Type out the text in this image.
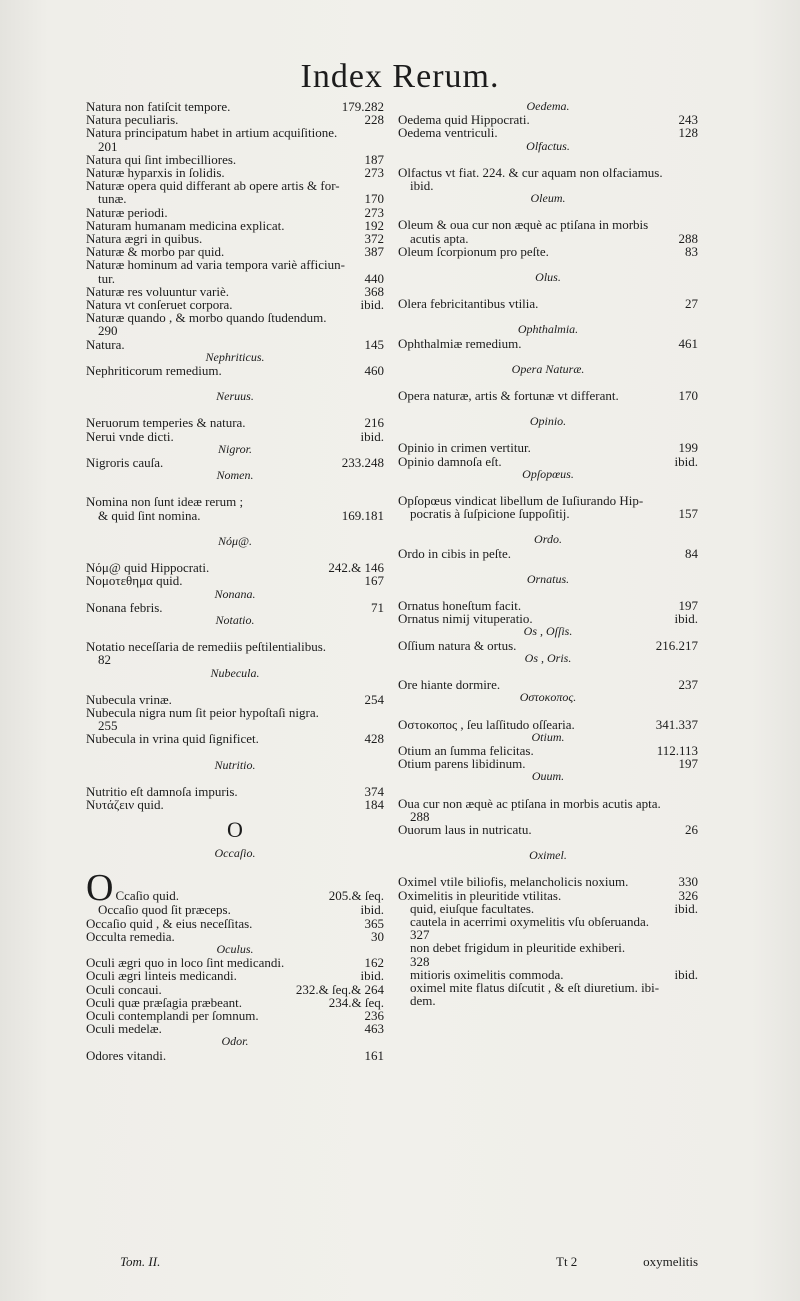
Index Rerum.
Natura non fatiſcit tempore.	179.282
Natura peculiaris.	228
Natura principatum habet in artium acquiſitione.
201
Natura qui ſint imbecilliores.	187
Naturæ hyparxis in ſolidis.	273
Naturæ opera quid differant ab opere artis & for-
tunæ.	170
Naturæ periodi.	273
Naturam humanam medicina explicat.	192
Natura ægri in quibus.	372
Naturæ & morbo par quid.	387
Naturæ hominum ad varia tempora variè afficiun-
tur.	440
Naturæ res voluuntur variè.	368
Natura vt conſeruet corpora.	ibid.
Naturæ quando , & morbo quando ſtudendum.
290
Natura.	145
Nephriticus.
Nephriticorum remedium.	460
Neruus.
Neruorum temperies & natura.	216
Nerui vnde dicti.	ibid.
Nigror.
Nigroris cauſa.	233.248
Nomen.
Nomina non ſunt ideæ rerum ;
& quid ſint nomina.	169.181
Νόμ@.
Νόμ@ quid Hippocrati.	242.& 146
Νομοτεθημα quid.	167
Nonana.
Nonana febris.	71
Notatio.
Notatio neceſſaria de remediis peſtilentialibus.
82
Nubecula.
Nubecula vrinæ.	254
Nubecula nigra num ſit peior hypoſtaſi nigra.
255
Nubecula in vrina quid ſignificet.	428
Nutritio.
Nutritio eſt damnoſa impuris.	374
Νυτάζειν quid.	184
O
Occaſio.
O Ccaſio quid.	205.& ſeq.
Occaſio quod ſit præceps.	ibid.
Occaſio quid , & eius neceſſitas.	365
Occulta remedia.	30
Oculus.
Oculi ægri quo in loco ſint medicandi.	162
Oculi ægri linteis medicandi.	ibid.
Oculi concaui.	232.& ſeq.& 264
Oculi quæ præſagia præbeant.	234.& ſeq.
Oculi contemplandi per ſomnum.	236
Oculi medelæ.	463
Odor.
Odores vitandi.	161
Oedema.
Oedema quid Hippocrati.	243
Oedema ventriculi.	128
Olfactus.
Olfactus vt fiat. 224. & cur aquam non olfaciamus.
ibid.
Oleum.
Oleum & oua cur non æquè ac ptiſana in morbis
acutis apta.	288
Oleum ſcorpionum pro peſte.	83
Olus.
Olera febricitantibus vtilia.	27
Ophthalmia.
Ophthalmiæ remedium.	461
Opera Naturæ.
Opera naturæ, artis & fortunæ vt differant.	170
Opinio.
Opinio in crimen vertitur.	199
Opinio damnoſa eſt.	ibid.
Opſopœus.
Opſopœus vindicat libellum de Iuſiurando Hip-
pocratis à ſuſpicione ſuppoſitij.	157
Ordo.
Ordo in cibis in peſte.	84
Ornatus.
Ornatus honeſtum facit.	197
Ornatus nimij vituperatio.	ibid.
Os , Oſſis.
Oſſium natura & ortus.	216.217
Os , Oris.
Ore hiante dormire.	237
Οστοκοπος.
Οστοκοπος , ſeu laſſitudo oſſearia.	341.337
Otium.
Otium an ſumma felicitas.	112.113
Otium parens libidinum.	197
Ouum.
Oua cur non æquè ac ptiſana in morbis acutis apta.
288
Ouorum laus in nutricatu.	26
Oximel.
Oximel vtile biliofis, melancholicis noxium.	330
Oximelitis in pleuritide vtilitas.	326
quid, eiuſque facultates.	ibid.
cautela in acerrimi oxymelitis vſu obſeruanda.
327
non debet frigidum in pleuritide exhiberi.
328
mitioris oximelitis commoda.	ibid.
oximel mite flatus diſcutit , & eſt diuretium. ibi-
dem.
Tom. II.	Tt 2	oxymelitis
